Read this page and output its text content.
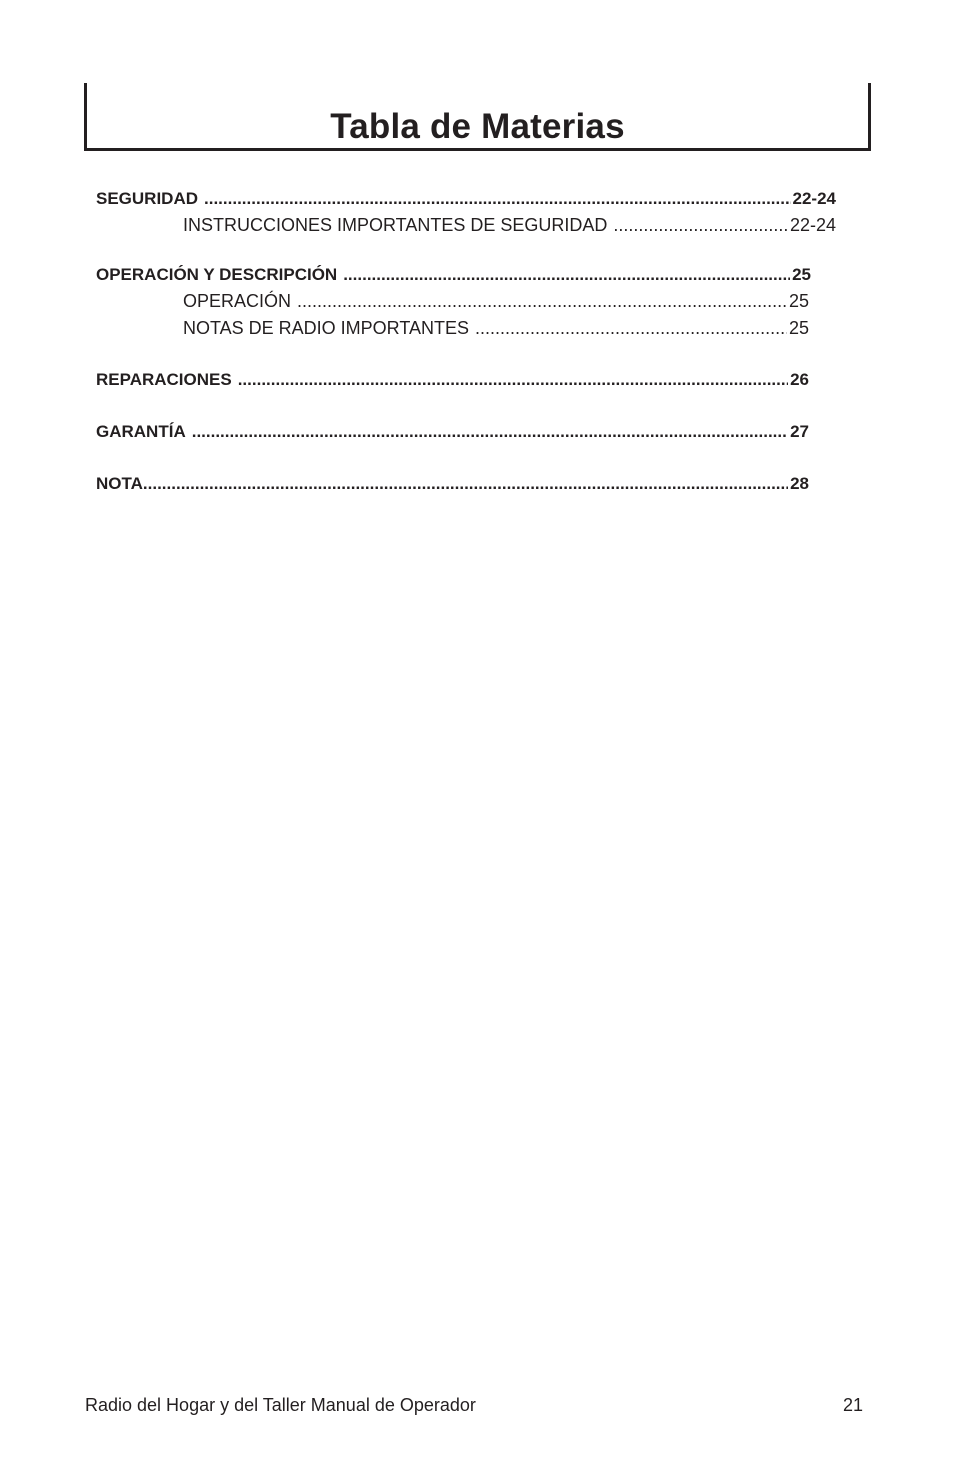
Tabla de Materias
SEGURIDAD .....	22-24
INSTRUCCIONES IMPORTANTES DE SEGURIDAD .....	22-24
OPERACIÓN Y DESCRIPCIÓN .....	25
OPERACIÓN .....	25
NOTAS DE RADIO IMPORTANTES .....	25
REPARACIONES .....	26
GARANTÍA .....	27
NOTA .....	28
Radio del Hogar y del Taller Manual de Operador	21
